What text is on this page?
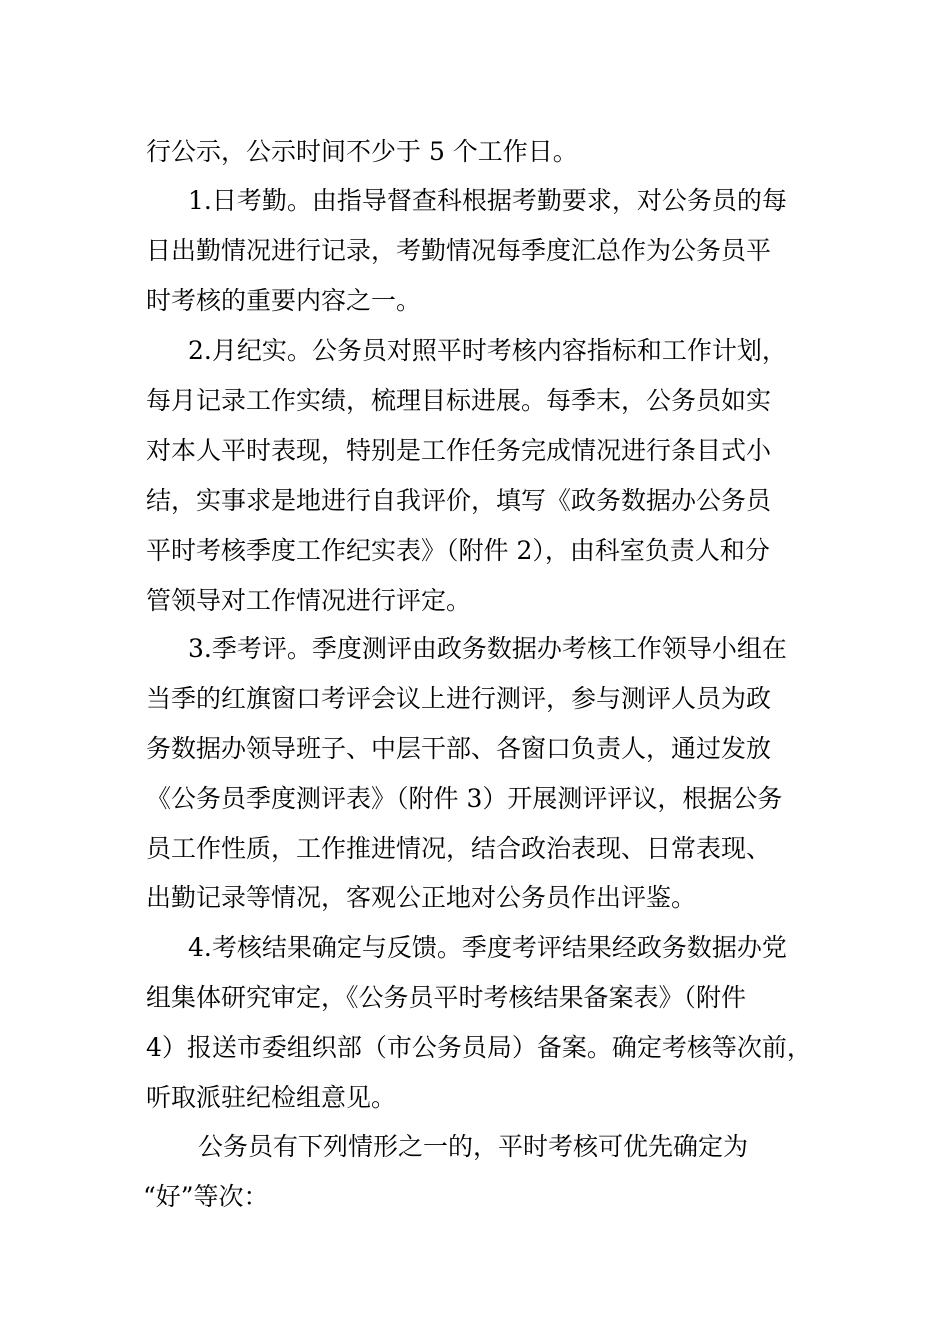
行公示，公示时间不少于 5 个工作日。
1.日考勤。由指导督查科根据考勤要求，对公务员的每
日出勤情况进行记录，考勤情况每季度汇总作为公务员平
时考核的重要内容之一。
2.月纪实。公务员对照平时考核内容指标和工作计划，
每月记录工作实绩，梳理目标进展。每季末，公务员如实
对本人平时表现，特别是工作任务完成情况进行条目式小
结，实事求是地进行自我评价，填写《政务数据办公务员
平时考核季度工作纪实表》（附件 2），由科室负责人和分
管领导对工作情况进行评定。
3.季考评。季度测评由政务数据办考核工作领导小组在
当季的红旗窗口考评会议上进行测评，参与测评人员为政
务数据办领导班子、中层干部、各窗口负责人，通过发放
《公务员季度测评表》（附件 3）开展测评评议，根据公务
员工作性质，工作推进情况，结合政治表现、日常表现、
出勤记录等情况，客观公正地对公务员作出评鉴。
4.考核结果确定与反馈。季度考评结果经政务数据办党
组集体研究审定，《公务员平时考核结果备案表》（附件
4）报送市委组织部（市公务员局）备案。确定考核等次前，
听取派驻纪检组意见。
公务员有下列情形之一的，平时考核可优先确定为
“好”等次：
